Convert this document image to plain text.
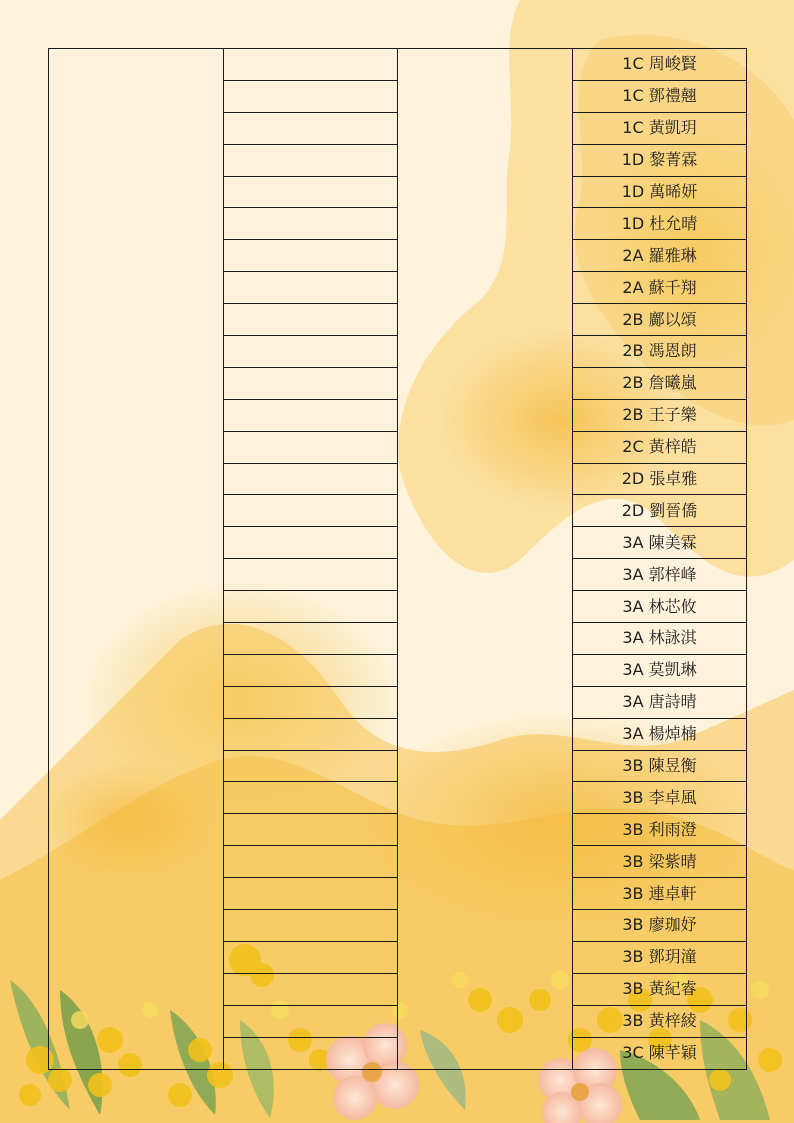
			1C 周峻賢
			1C 鄧禮翹
			1C 黃凱玥
			1D 黎菁霖
			1D 萬晞妍
			1D 杜允晴
			2A 羅雅琳
			2A 蘇千翔
			2B 鄺以頌
			2B 馮恩朗
			2B 詹曦嵐
			2B 王子樂
			2C 黃梓皓
			2D 張卓雅
			2D 劉晉僑
			3A 陳美霖
			3A 郭梓峰
			3A 林芯攸
			3A 林詠淇
			3A 莫凱琳
			3A 唐詩晴
			3A 楊焯楠
			3B 陳昱衡
			3B 李卓風
			3B 利雨澄
			3B 梁紫晴
			3B 連卓軒
			3B 廖珈妤
			3B 鄧玥潼
			3B 黃紀睿
			3B 黃梓綾
			3C 陳芊穎
